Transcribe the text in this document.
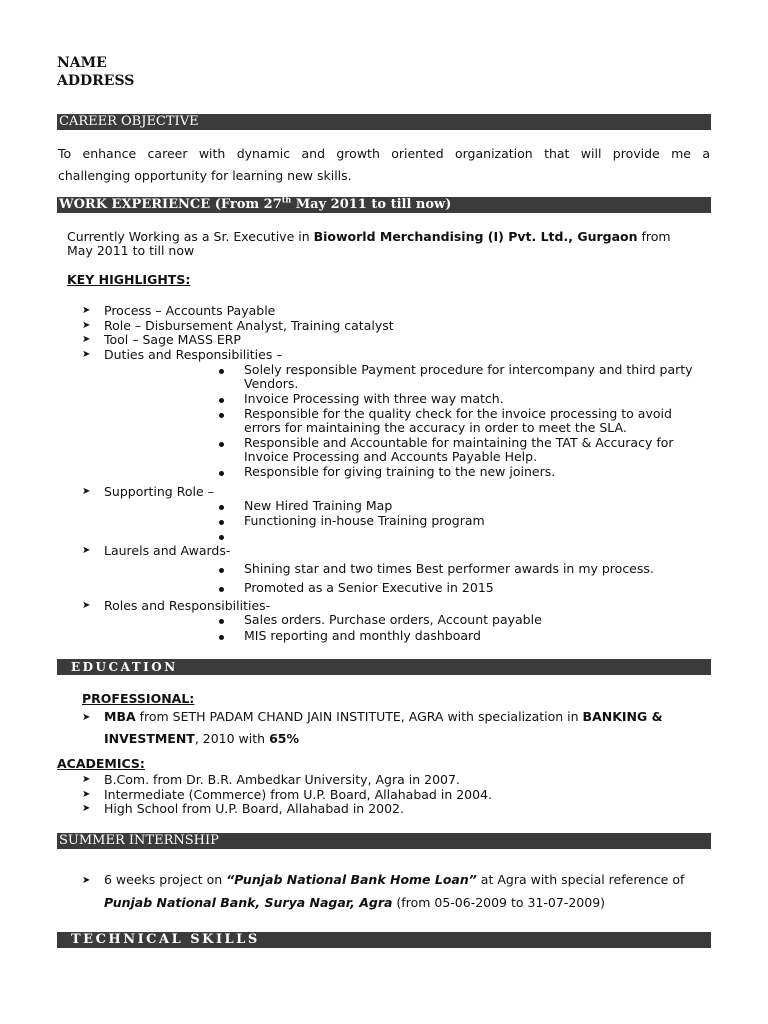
NAME
ADDRESS
CAREER OBJECTIVE
To enhance career with dynamic and growth oriented organization that will provide me a
challenging opportunity for learning new skills.
WORK EXPERIENCE (From 27th May 2011 to till now)
Currently Working as a Sr. Executive in Bioworld Merchandising (I) Pvt. Ltd., Gurgaon from
May 2011 to till now
KEY HIGHLIGHTS:
➤ Process – Accounts Payable
➤ Role – Disbursement Analyst, Training catalyst
➤ Tool – Sage MASS ERP
➤ Duties and Responsibilities –
Solely responsible Payment procedure for intercompany and third party
Vendors.
Invoice Processing with three way match.
Responsible for the quality check for the invoice processing to avoid
errors for maintaining the accuracy in order to meet the SLA.
Responsible and Accountable for maintaining the TAT & Accuracy for
Invoice Processing and Accounts Payable Help.
Responsible for giving training to the new joiners.
➤ Supporting Role –
New Hired Training Map
Functioning in-house Training program
➤ Laurels and Awards-
Shining star and two times Best performer awards in my process.
Promoted as a Senior Executive in 2015
➤ Roles and Responsibilities-
Sales orders. Purchase orders, Account payable
MIS reporting and monthly dashboard
EDUCATION
PROFESSIONAL:
➤ MBA from SETH PADAM CHAND JAIN INSTITUTE, AGRA with specialization in BANKING &
INVESTMENT, 2010 with 65%
ACADEMICS:
➤ B.Com. from Dr. B.R. Ambedkar University, Agra in 2007.
➤ Intermediate (Commerce) from U.P. Board, Allahabad in 2004.
➤ High School from U.P. Board, Allahabad in 2002.
SUMMER INTERNSHIP
➤ 6 weeks project on “Punjab National Bank Home Loan” at Agra with special reference of
Punjab National Bank, Surya Nagar, Agra (from 05-06-2009 to 31-07-2009)
TECHNICAL SKILLS
